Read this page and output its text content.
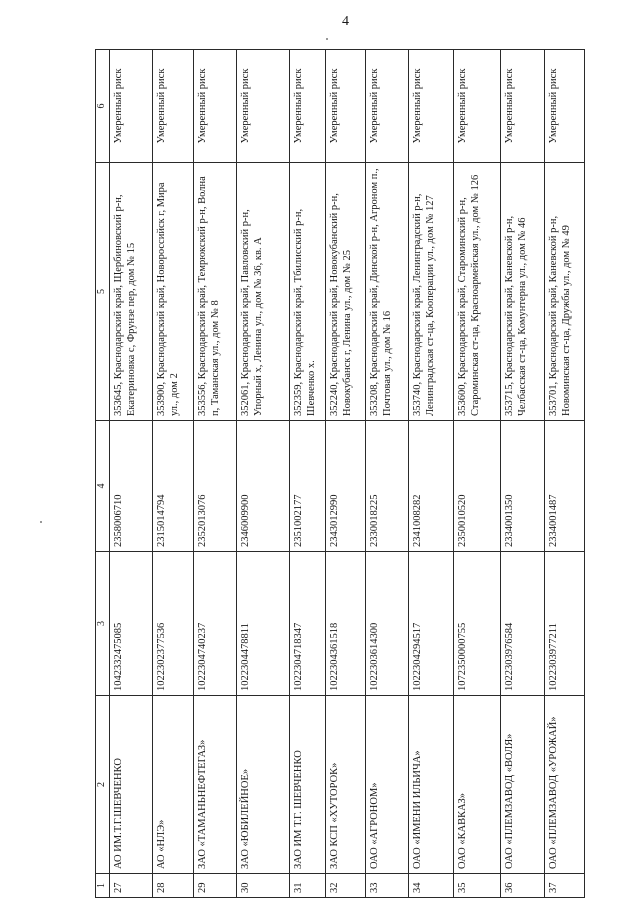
4
1	2	3	4	5	6
27	АО ИМ.Т.Г.ШЕВЧЕНКО	1042332475085	2358006710	353645, Краснодарский край, Щербиновский р-н, Екатериновка с, Фрунзе пер, дом № 15	Умеренный риск
28	АО «НЛЭ»	1022302377536	2315014794	353900, Краснодарский край, Новороссийск г, Мира ул., дом 2	Умеренный риск
29	ЗАО «ТАМАНЬНЕФТЕГАЗ»	1022304740237	2352013076	353556, Краснодарский край, Темрюкский р-н, Волна п, Таманская ул., дом № 8	Умеренный риск
30	ЗАО «ЮБИЛЕЙНОЕ»	1022304478811	2346009900	352061, Краснодарский край, Павловский р-н, Упорный х, Ленина ул., дом № 36, кв. А	Умеренный риск
31	ЗАО ИМ Т.Г. ШЕВЧЕНКО	1022304718347	2351002177	352359, Краснодарский край, Тбилисский р-н, Шевченко х.	Умеренный риск
32	ЗАО КСП «ХУТОРОК»	1022304361518	2343012990	352240, Краснодарский край, Новокубанский р-н, Новокубанск г, Ленина ул., дом № 25	Умеренный риск
33	ОАО «АГРОНОМ»	1022303614300	2330018225	353208, Краснодарский край, Динской р-н, Агроном п., Почтовая ул., дом № 16	Умеренный риск
34	ОАО «ИМЕНИ ИЛЬИЧА»	1022304294517	2341008282	353740, Краснодарский край, Ленинградский р-н, Ленинградская ст-ца, Кооперации ул., дом № 127	Умеренный риск
35	ОАО «КАВКАЗ»	1072350000755	2350010520	353600, Краснодарский край, Староминский р-н, Староминская ст-ца, Красноармейская ул., дом № 126	Умеренный риск
36	ОАО «ПЛЕМЗАВОД «ВОЛЯ»	1022303976584	2334001350	353715, Краснодарский край, Каневской р-н, Челбасская ст-ца, Комунтерна ул., дом № 46	Умеренный риск
37	ОАО «ПЛЕМЗАВОД «УРОЖАЙ»	1022303977211	2334001487	353701, Краснодарский край, Каневской р-н, Новоминская ст-ца, Дружбы ул., дом № 49	Умеренный риск
